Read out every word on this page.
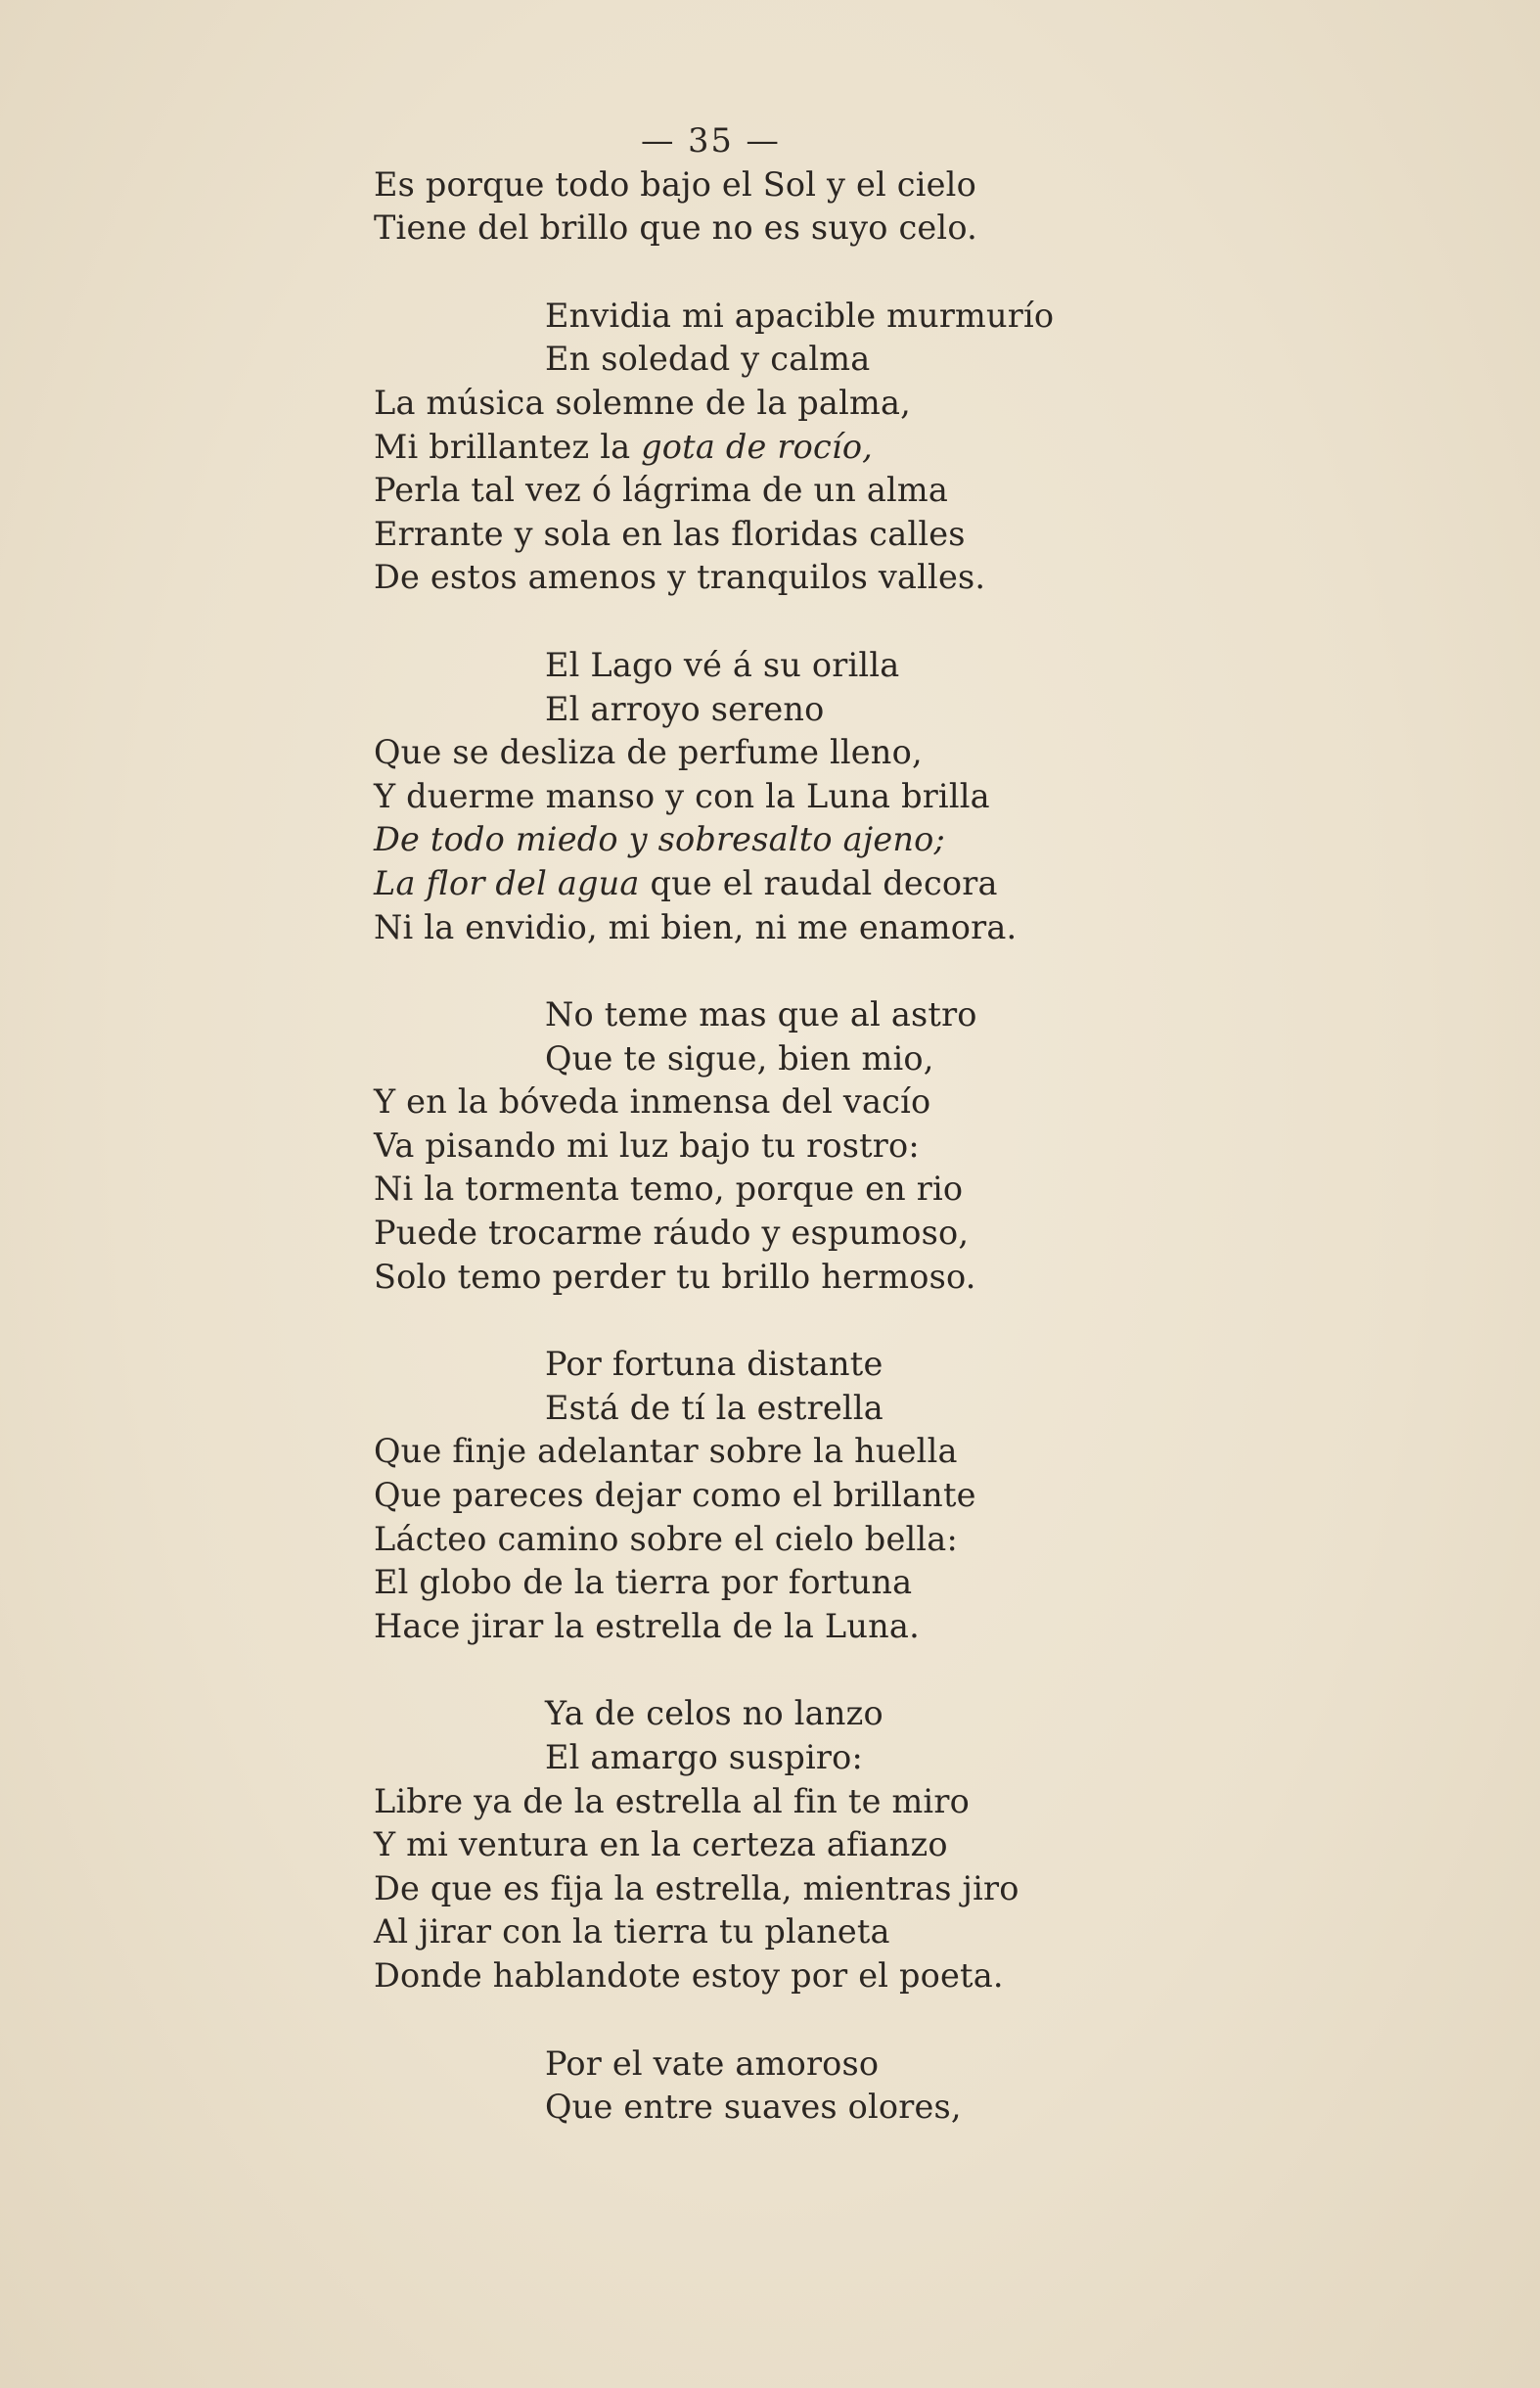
— 35 —
Es porque todo bajo el Sol y el cielo
Tiene del brillo que no es suyo celo.
Envidia mi apacible murmurío
En soledad y calma
La música solemne de la palma,
Mi brillantez la gota de rocío,
Perla tal vez ó lágrima de un alma
Errante y sola en las floridas calles
De estos amenos y tranquilos valles.
El Lago vé á su orilla
El arroyo sereno
Que se desliza de perfume lleno,
Y duerme manso y con la Luna brilla
De todo miedo y sobresalto ajeno;
La flor del agua que el raudal decora
Ni la envidio, mi bien, ni me enamora.
No teme mas que al astro
Que te sigue, bien mio,
Y en la bóveda inmensa del vacío
Va pisando mi luz bajo tu rostro:
Ni la tormenta temo, porque en rio
Puede trocarme ráudo y espumoso,
Solo temo perder tu brillo hermoso.
Por fortuna distante
Está de tí la estrella
Que finje adelantar sobre la huella
Que pareces dejar como el brillante
Lácteo camino sobre el cielo bella:
El globo de la tierra por fortuna
Hace jirar la estrella de la Luna.
Ya de celos no lanzo
El amargo suspiro:
Libre ya de la estrella al fin te miro
Y mi ventura en la certeza afianzo
De que es fija la estrella, mientras jiro
Al jirar con la tierra tu planeta
Donde hablandote estoy por el poeta.
Por el vate amoroso
Que entre suaves olores,
